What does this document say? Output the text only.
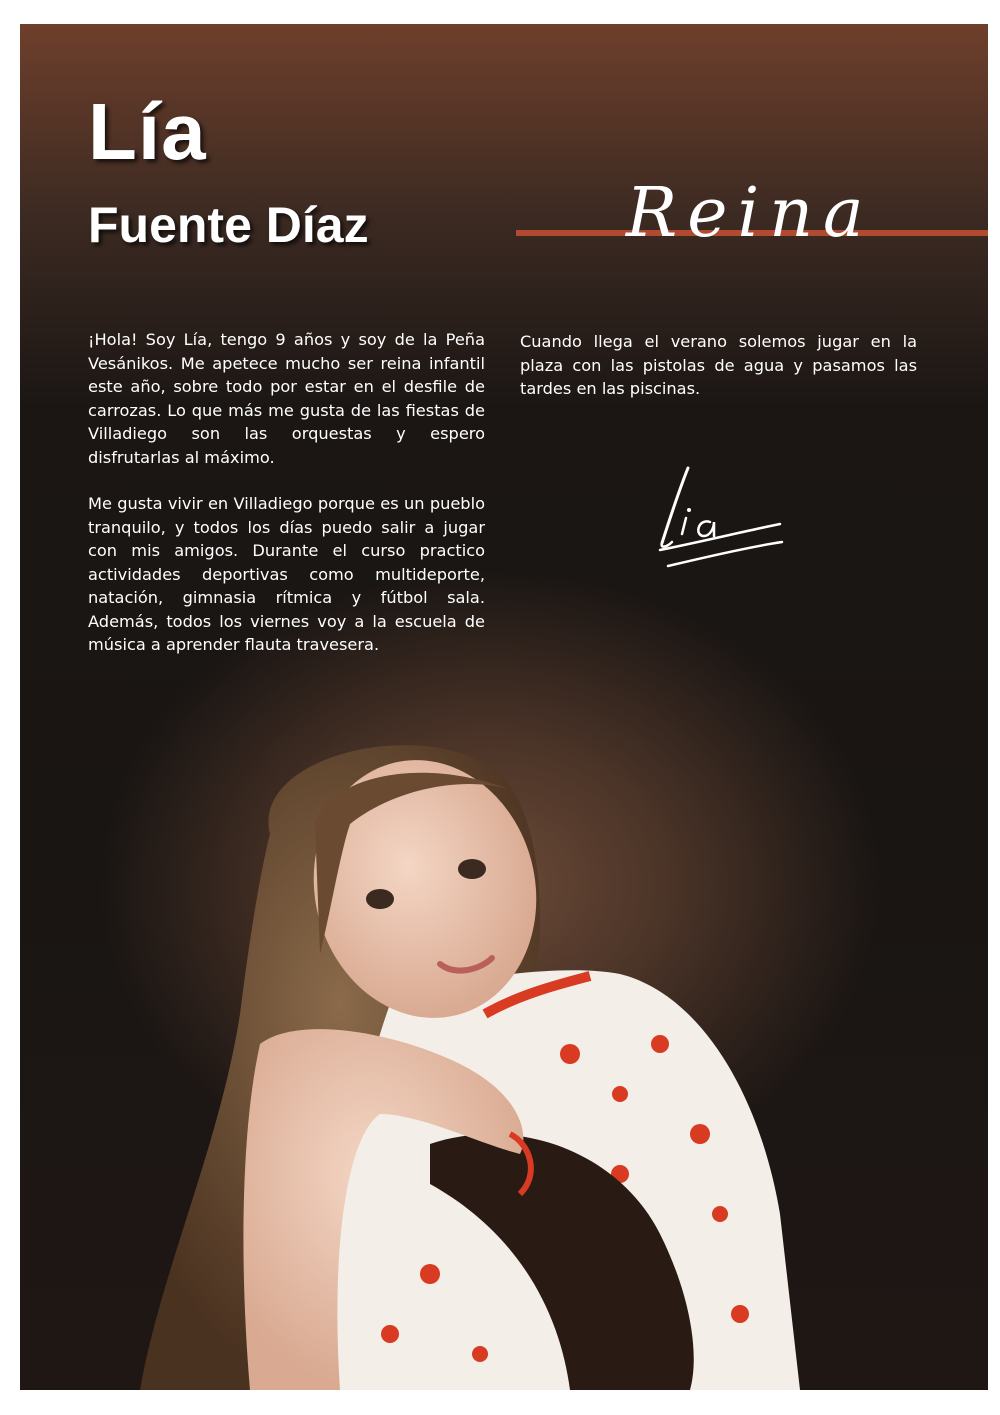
Lía
Fuente Díaz	Reina

¡Hola! Soy Lía, tengo 9 años y soy de la Peña Vesánikos. Me apetece mucho ser reina infantil este año, sobre todo por estar en el desfile de carrozas. Lo que más me gusta de las fiestas de Villadiego son las orquestas y espero disfrutarlas al máximo.

Me gusta vivir en Villadiego porque es un pueblo tranquilo, y todos los días puedo salir a jugar con mis amigos. Durante el curso practico actividades deportivas como multideporte, natación, gimnasia rítmica y fútbol sala. Además, todos los viernes voy a la escuela de música a aprender flauta travesera.

Cuando llega el verano solemos jugar en la plaza con las pistolas de agua y pasamos las tardes en las piscinas.
